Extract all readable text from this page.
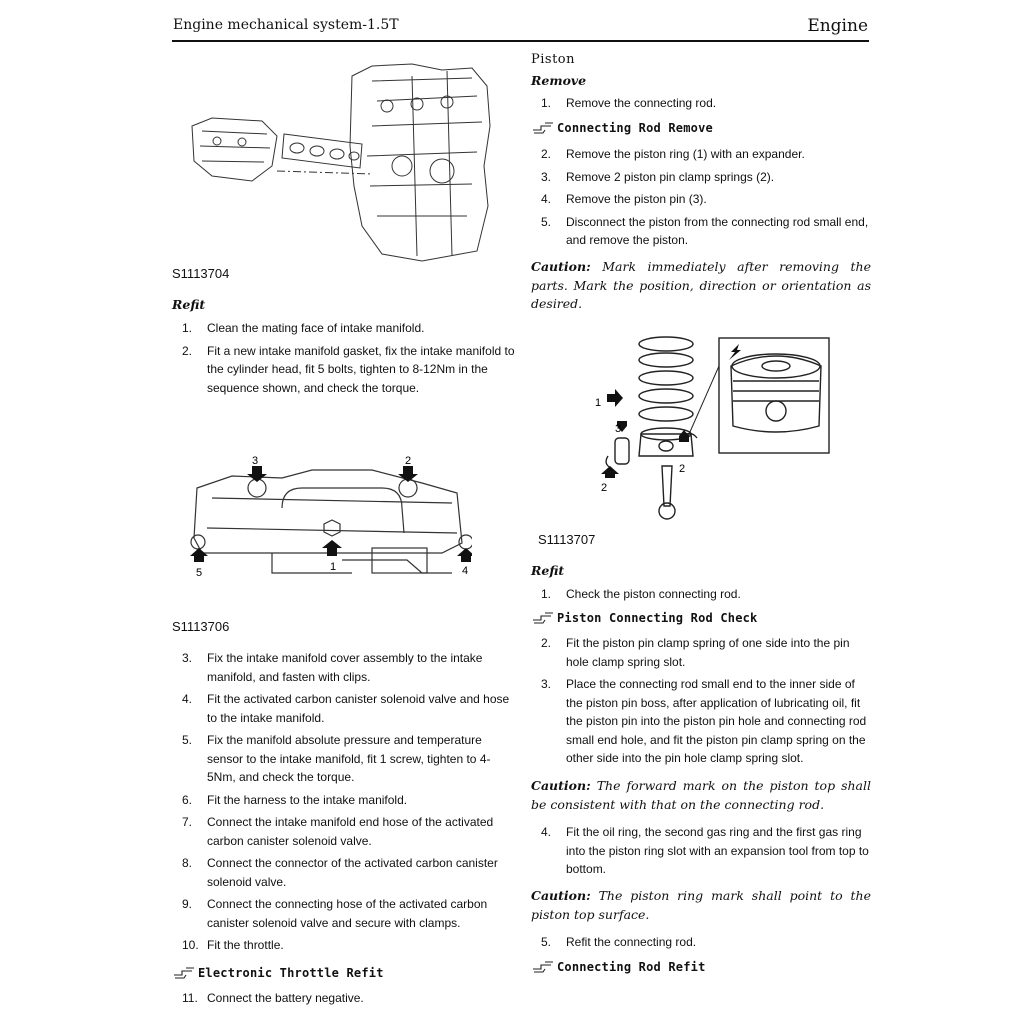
Engine mechanical system-1.5T	Engine
S1113704
Refit
1.	Clean the mating face of intake manifold.
2.	Fit a new intake manifold gasket, fix the intake manifold to the cylinder head, fit 5 bolts, tighten to 8-12Nm in the sequence shown, and check the torque.
3	2
5	1	4
S1113706
3.	Fix the intake manifold cover assembly to the intake manifold, and fasten with clips.
4.	Fit the activated carbon canister solenoid valve and hose to the intake manifold.
5.	Fix the manifold absolute pressure and temperature sensor to the intake manifold, fit 1 screw, tighten to 4-5Nm, and check the torque.
6.	Fit the harness to the intake manifold.
7.	Connect the intake manifold end hose of the activated carbon canister solenoid valve.
8.	Connect the connector of the activated carbon canister solenoid valve.
9.	Connect the connecting hose of the activated carbon canister solenoid valve and secure with clamps.
10. Fit the throttle.
Electronic Throttle Refit
11. Connect the battery negative.
Piston
Remove
1.	Remove the connecting rod.
Connecting Rod Remove
2.	Remove the piston ring (1) with an expander.
3.	Remove 2 piston pin clamp springs (2).
4.	Remove the piston pin (3).
5.	Disconnect the piston from the connecting rod small end, and remove the piston.
Caution: Mark immediately after removing the parts. Mark the position, direction or orientation as desired.
1
3
2
2
S1113707
Refit
1.	Check the piston connecting rod.
Piston Connecting Rod Check
2.	Fit the piston pin clamp spring of one side into the pin hole clamp spring slot.
3.	Place the connecting rod small end to the inner side of the piston pin boss, after application of lubricating oil, fit the piston pin into the piston pin hole and connecting rod small end hole, and fit the piston pin clamp spring on the other side into the pin hole clamp spring slot.
Caution: The forward mark on the piston top shall be consistent with that on the connecting rod.
4.	Fit the oil ring, the second gas ring and the first gas ring into the piston ring slot with an expansion tool from top to bottom.
Caution: The piston ring mark shall point to the piston top surface.
5.	Refit the connecting rod.
Connecting Rod Refit
